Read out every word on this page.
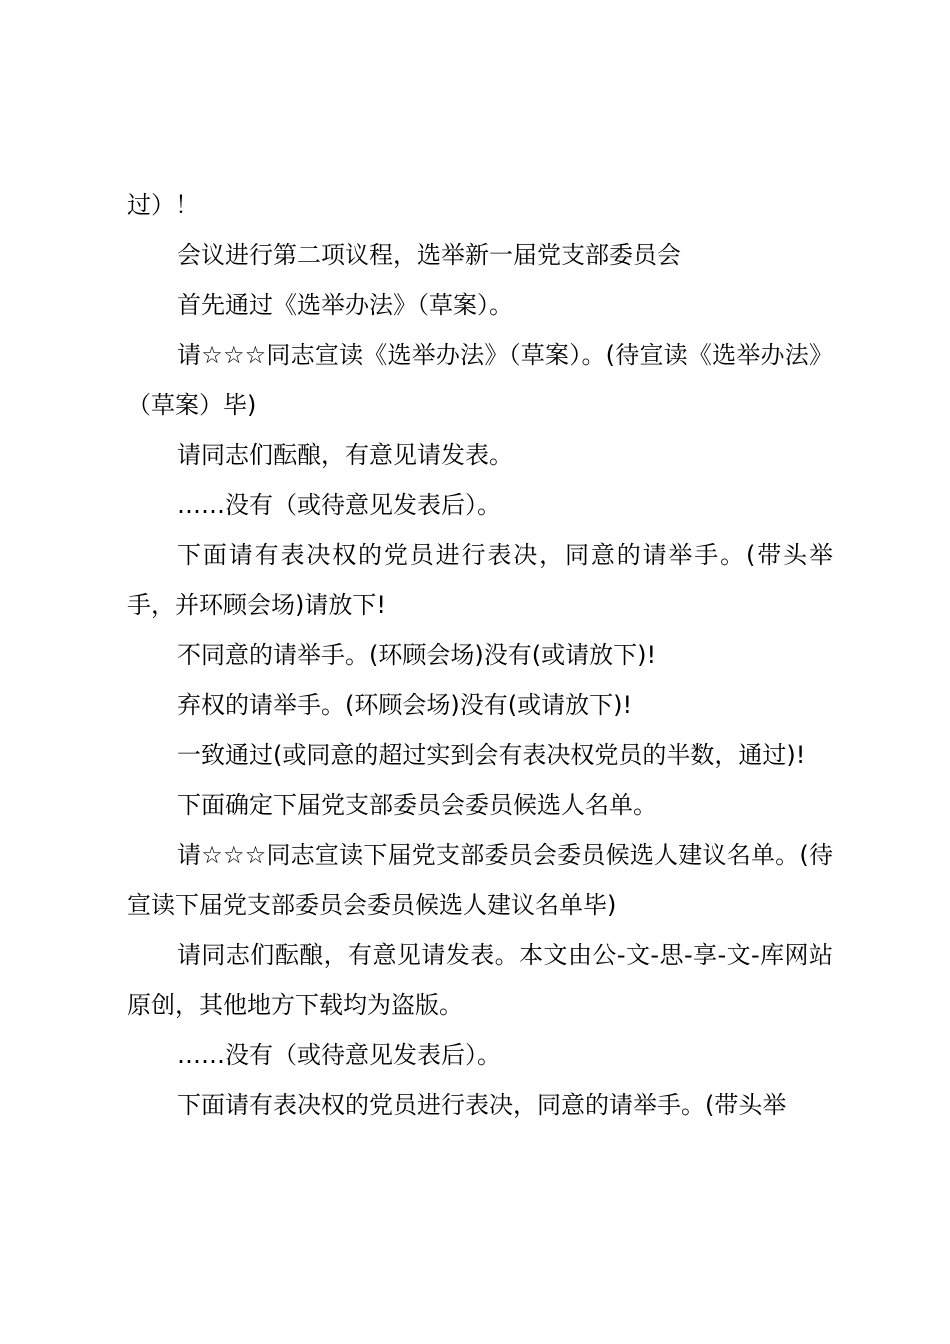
过）！

会议进行第二项议程，选举新一届党支部委员会

首先通过《选举办法》（草案）。

请☆☆☆同志宣读《选举办法》（草案）。(待宣读《选举办法》（草案）毕)

请同志们酝酿，有意见请发表。

……没有（或待意见发表后）。

下面请有表决权的党员进行表决，同意的请举手。(带头举手，并环顾会场)请放下!

不同意的请举手。(环顾会场)没有(或请放下)!

弃权的请举手。(环顾会场)没有(或请放下)!

一致通过(或同意的超过实到会有表决权党员的半数，通过)!

下面确定下届党支部委员会委员候选人名单。

请☆☆☆同志宣读下届党支部委员会委员候选人建议名单。(待宣读下届党支部委员会委员候选人建议名单毕)

请同志们酝酿，有意见请发表。本文由公-文-思-享-文-库网站原创，其他地方下载均为盗版。

……没有（或待意见发表后）。

下面请有表决权的党员进行表决，同意的请举手。(带头举
